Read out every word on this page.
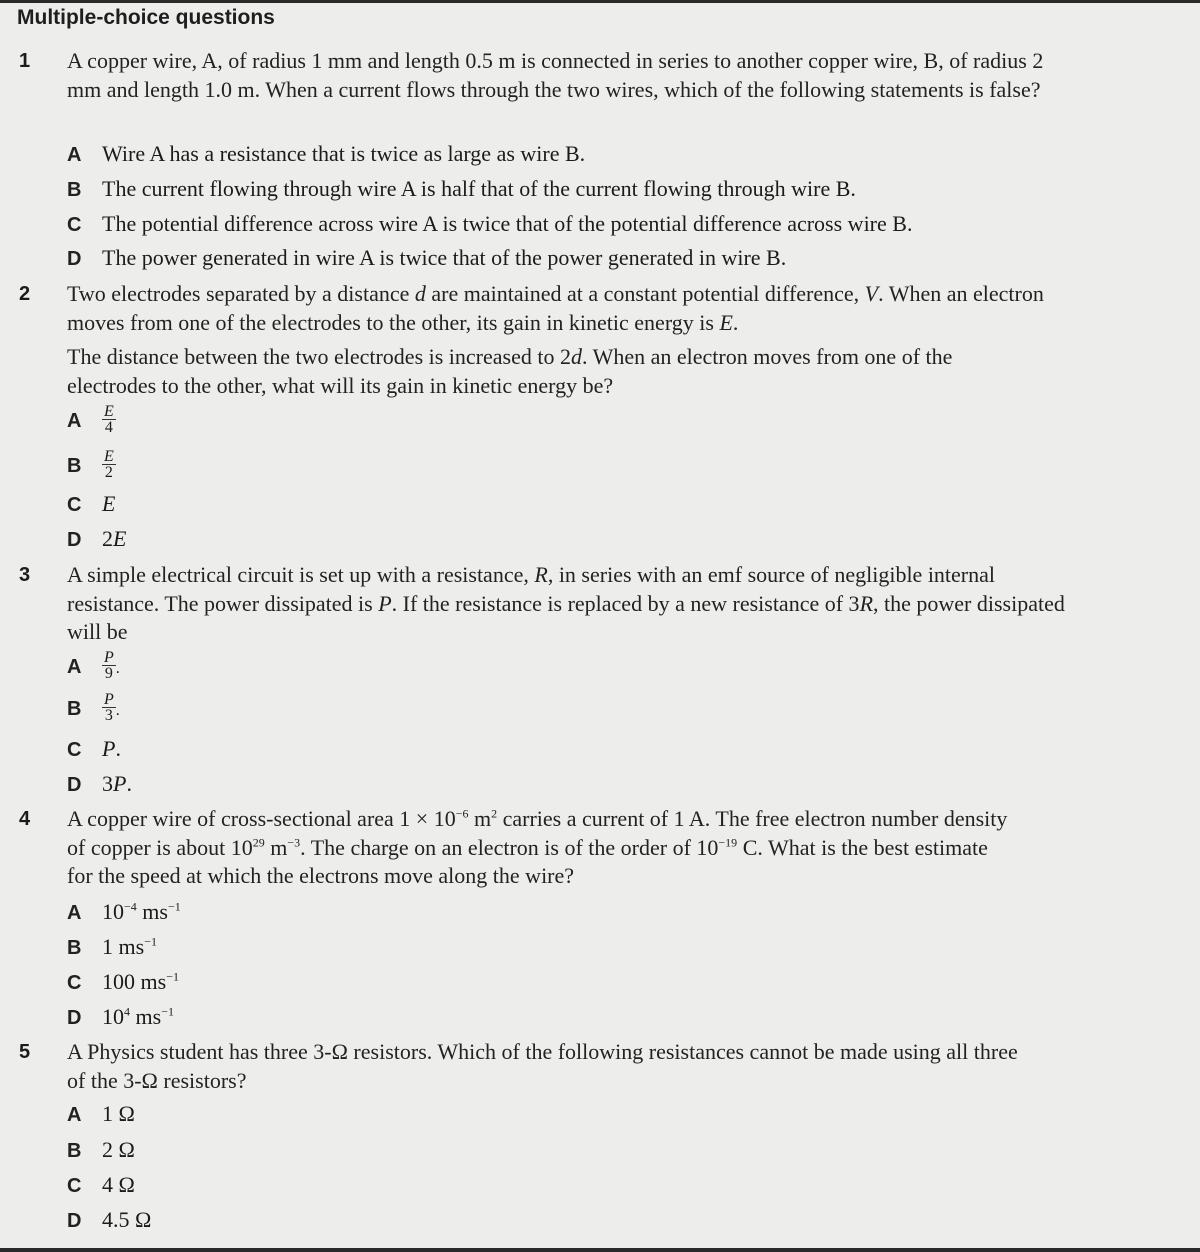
Multiple-choice questions
1 A copper wire, A, of radius 1 mm and length 0.5 m is connected in series to another copper wire, B, of radius 2 mm and length 1.0 m. When a current flows through the two wires, which of the following statements is false?
A Wire A has a resistance that is twice as large as wire B.
B The current flowing through wire A is half that of the current flowing through wire B.
C The potential difference across wire A is twice that of the potential difference across wire B.
D The power generated in wire A is twice that of the power generated in wire B.
2 Two electrodes separated by a distance d are maintained at a constant potential difference, V. When an electron moves from one of the electrodes to the other, its gain in kinetic energy is E.
The distance between the two electrodes is increased to 2d. When an electron moves from one of the electrodes to the other, what will its gain in kinetic energy be?
A $\frac{E}{4}$
B $\frac{E}{2}$
C E
D 2E
3 A simple electrical circuit is set up with a resistance, R, in series with an emf source of negligible internal resistance. The power dissipated is P. If the resistance is replaced by a new resistance of 3R, the power dissipated will be
A $\frac{P}{9}$ .
B $\frac{P}{3}$ .
C P.
D 3P.
4 A copper wire of cross-sectional area $1 \times 10^{-6}$ $m^2$ carries a current of 1 A. The free electron number density of copper is about $10^{29}$ $m^{-3}$. The charge on an electron is of the order of $10^{-19}$ C. What is the best estimate for the speed at which the electrons move along the wire?
A $10^{-4}$ $ms^{-1}$
B 1 $ms^{-1}$
C 100 $ms^{-1}$
D $10^4$ $ms^{-1}$
5 A Physics student has three 3-Ω resistors. Which of the following resistances cannot be made using all three of the 3-Ω resistors?
A 1 Ω
B 2 Ω
C 4 Ω
D 4.5 Ω
